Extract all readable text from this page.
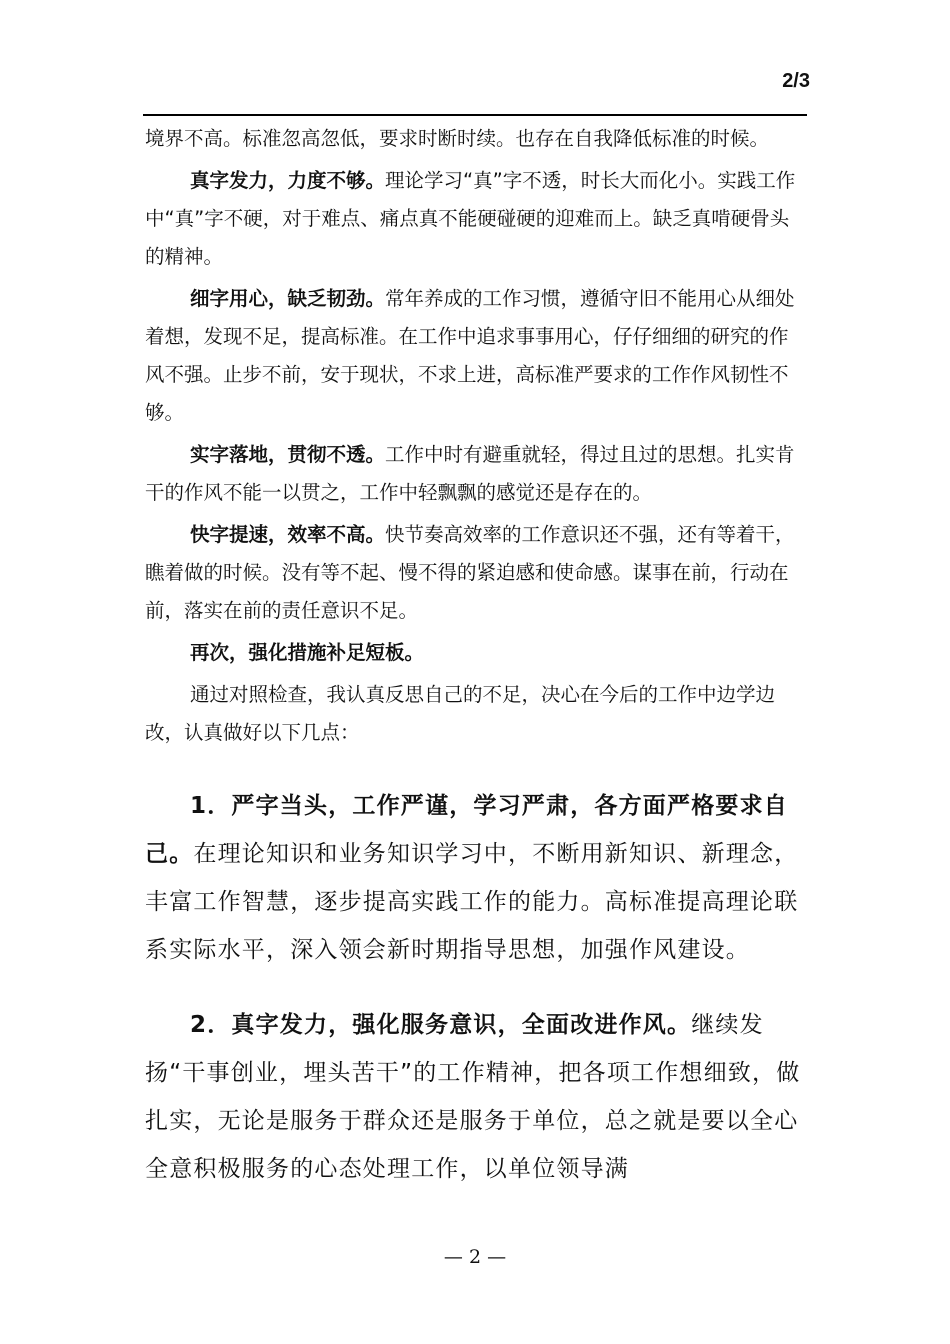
2/3

境界不高。标准忽高忽低，要求时断时续。也存在自我降低标准的时候。

真字发力，力度不够。理论学习“真”字不透，时长大而化小。实践工作中“真”字不硬，对于难点、痛点真不能硬碰硬的迎难而上。缺乏真啃硬骨头的精神。

细字用心，缺乏韧劲。常年养成的工作习惯，遵循守旧不能用心从细处着想，发现不足，提高标准。在工作中追求事事用心，仔仔细细的研究的作风不强。止步不前，安于现状，不求上进，高标准严要求的工作作风韧性不够。

实字落地，贯彻不透。工作中时有避重就轻，得过且过的思想。扎实肯干的作风不能一以贯之，工作中轻飘飘的感觉还是存在的。

快字提速，效率不高。快节奏高效率的工作意识还不强，还有等着干，瞧着做的时候。没有等不起、慢不得的紧迫感和使命感。谋事在前，行动在前，落实在前的责任意识不足。

再次，强化措施补足短板。

通过对照检查，我认真反思自己的不足，决心在今后的工作中边学边改，认真做好以下几点：

1．严字当头，工作严谨，学习严肃，各方面严格要求自己。在理论知识和业务知识学习中，不断用新知识、新理念，丰富工作智慧，逐步提高实践工作的能力。高标准提高理论联系实际水平，深入领会新时期指导思想，加强作风建设。

2．真字发力，强化服务意识，全面改进作风。继续发扬“干事创业，埋头苦干”的工作精神，把各项工作想细致，做扎实，无论是服务于群众还是服务于单位，总之就是要以全心全意积极服务的心态处理工作，以单位领导满

— 2 —
